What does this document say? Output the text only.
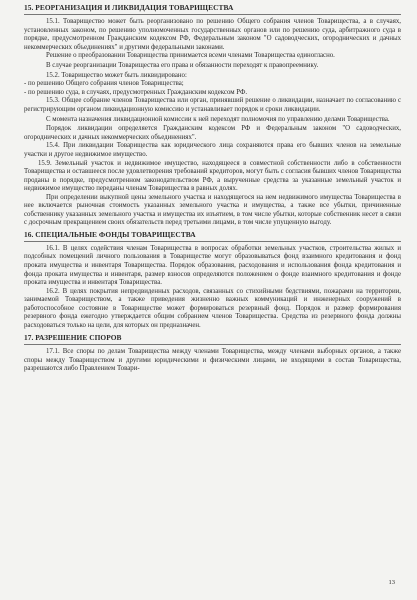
15. РЕОРГАНИЗАЦИЯ И ЛИКВИДАЦИЯ ТОВАРИЩЕСТВА

15.1. Товарищество может быть реорганизовано по решению Общего собрания членов Товарищества, а в случаях, установленных законом, по решению уполномоченных государственных органов или по решению суда, арбитражного суда в порядке, предусмотренном Гражданским кодексом РФ, Федеральным законом "О садоводческих, огороднических и дачных некоммерческих объединениях" и другими федеральными законами.

Решение о преобразовании Товарищества принимается всеми членами Товарищества единогласно.

В случае реорганизации Товарищества его права и обязанности переходят к правопреемнику.

15.2. Товарищество может быть ликвидировано:

- по решению Общего собрания членов Товарищества;

- по решению суда, в случаях, предусмотренных Гражданским кодексом РФ.

15.3. Общее собрание членов Товарищества или орган, принявший решение о ликвидации, назначает по согласованию с регистрирующим органом ликвидационную комиссию и устанавливает порядок и сроки ликвидации.

С момента назначения ликвидационной комиссии к ней переходят полномочия по управлению делами Товарищества.

Порядок ликвидации определяется Гражданским кодексом РФ и Федеральным законом "О садоводческих, огороднических и дачных некоммерческих объединениях".

15.4. При ликвидации Товарищества как юридического лица сохраняются права его бывших членов на земельные участки и другое недвижимое имущество.

15.9. Земельный участок и недвижимое имущество, находящееся в совместной собственности либо в собственности Товарищества и оставшееся после удовлетворения требований кредиторов, могут быть с согласия бывших членов Товарищества проданы в порядке, предусмотренном законодательством РФ, а вырученные средства за указанные земельный участок и недвижимое имущество переданы членам Товарищества в равных долях.

При определении выкупной цены земельного участка и находящегося на нем недвижимого имущества Товарищества в нее включается рыночная стоимость указанных земельного участка и имущества, а также все убытки, причиненные собственнику указанных земельного участка и имущества их изъятием, в том числе убытки, которые собственник несет в связи с досрочным прекращением своих обязательств перед третьими лицами, в том числе упущенную выгоду.

16. СПЕЦИАЛЬНЫЕ ФОНДЫ ТОВАРИЩЕСТВА

16.1. В целях содействия членам Товарищества в вопросах обработки земельных участков, строительства жилых и подсобных помещений личного пользования в Товариществе могут образовываться фонд взаимного кредитования и фонд проката имущества и инвентаря Товарищества. Порядок образования, расходования и использования фонда кредитования и фонда проката имущества и инвентаря, размер взносов определяются положением о фонде взаимного кредитования и фонде проката имущества и инвентаря Товарищества.

16.2. В целях покрытия непредвиденных расходов, связанных со стихийными бедствиями, пожарами на территории, занимаемой Товариществом, а также приведения жизненно важных коммуникаций и инженерных сооружений в работоспособное состояние в Товариществе может формироваться резервный фонд. Порядок и размер формирования резервного фонда ежегодно утверждается общим собранием членов Товарищества. Средства из резервного фонда должны расходоваться только на цели, для которых он предназначен.

17. РАЗРЕШЕНИЕ СПОРОВ

17.1. Все споры по делам Товарищества между членами Товарищества, между членами выборных органов, а также споры между Товариществом и другими юридическими и физическими лицами, не входящими в состав Товарищества, разрешаются либо Правлением Товари-

13
